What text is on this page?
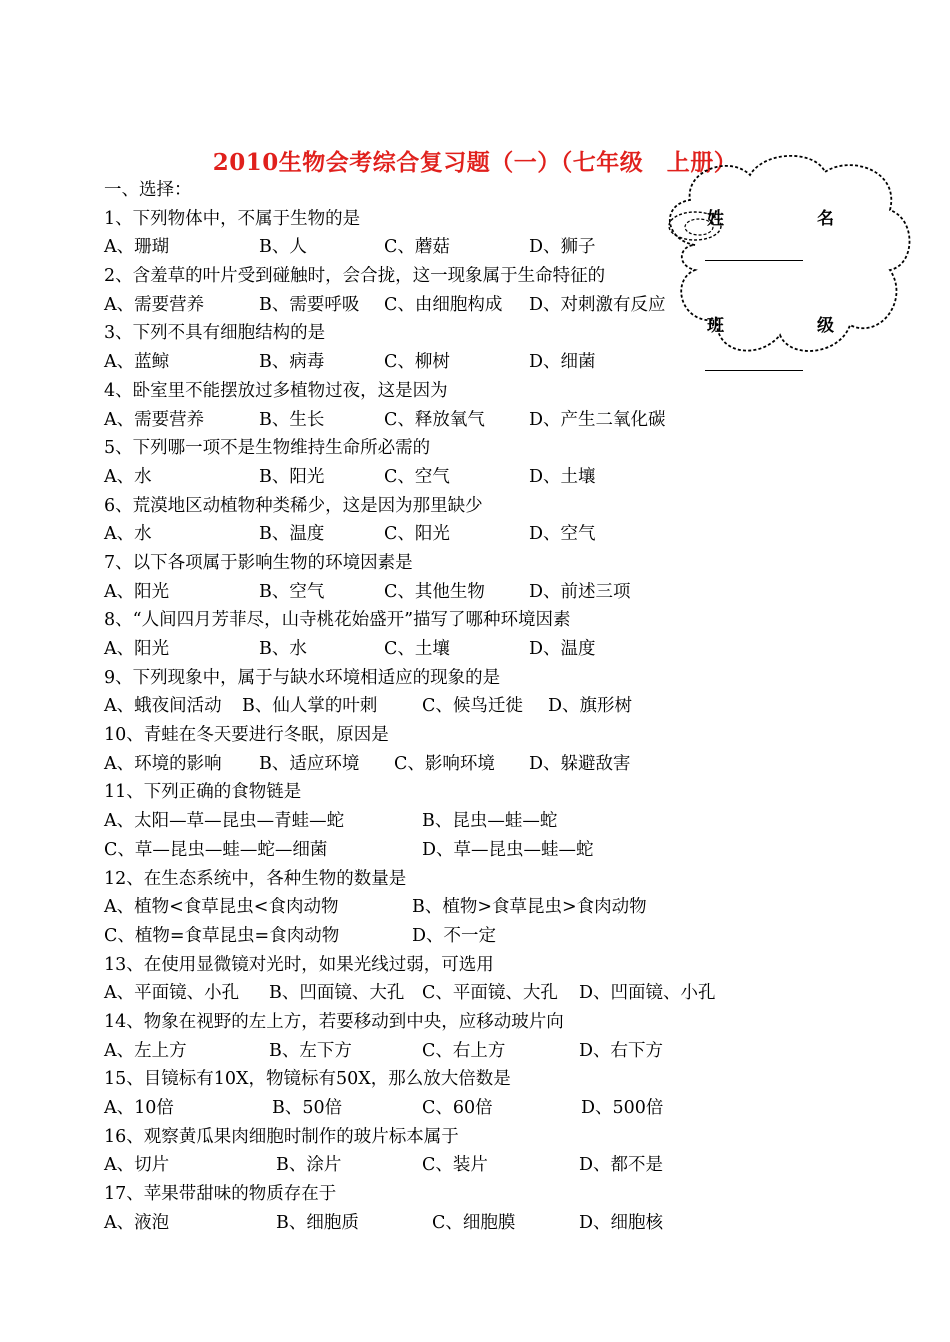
2010生物会考综合复习题（一）（七年级　上册）
姓	名
班	级
一、选择：
1、下列物体中，不属于生物的是
A、珊瑚	B、人	C、蘑菇	D、狮子
2、含羞草的叶片受到碰触时，会合拢，这一现象属于生命特征的
A、需要营养	B、需要呼吸 C、由细胞构成 D、对刺激有反应
3、下列不具有细胞结构的是
A、蓝鲸	B、病毒	C、柳树	D、细菌
4、卧室里不能摆放过多植物过夜，这是因为
A、需要营养	B、生长	C、释放氧气	D、产生二氧化碳
5、下列哪一项不是生物维持生命所必需的
A、水	B、阳光	C、空气	D、土壤
6、荒漠地区动植物种类稀少，这是因为那里缺少
A、水	B、温度	C、阳光	D、空气
7、以下各项属于影响生物的环境因素是
A、阳光	B、空气	C、其他生物	D、前述三项
8、“人间四月芳菲尽，山寺桃花始盛开”描写了哪种环境因素
A、阳光	B、水	C、土壤	D、温度
9、下列现象中，属于与缺水环境相适应的现象的是
A、蛾夜间活动 B、仙人掌的叶刺	C、候鸟迁徙 D、旗形树
10、青蛙在冬天要进行冬眠，原因是
A、环境的影响 B、适应环境 C、影响环境 D、躲避敌害
11、下列正确的食物链是
A、太阳—草—昆虫—青蛙—蛇	B、昆虫—蛙—蛇
C、草—昆虫—蛙—蛇—细菌	D、草—昆虫—蛙—蛇
12、在生态系统中，各种生物的数量是
A、植物<食草昆虫<食肉动物	B、植物>食草昆虫>食肉动物
C、植物=食草昆虫=食肉动物	D、不一定
13、在使用显微镜对光时，如果光线过弱，可选用
A、平面镜、小孔 B、凹面镜、大孔 C、平面镜、大孔 D、凹面镜、小孔
14、物象在视野的左上方，若要移动到中央，应移动玻片向
A、左上方	B、左下方	C、右上方	D、右下方
15、目镜标有10X，物镜标有50X，那么放大倍数是
A、10倍	B、50倍	C、60倍	D、500倍
16、观察黄瓜果肉细胞时制作的玻片标本属于
A、切片	B、涂片	C、装片	D、都不是
17、苹果带甜味的物质存在于
A、液泡	B、细胞质	C、细胞膜	D、细胞核
